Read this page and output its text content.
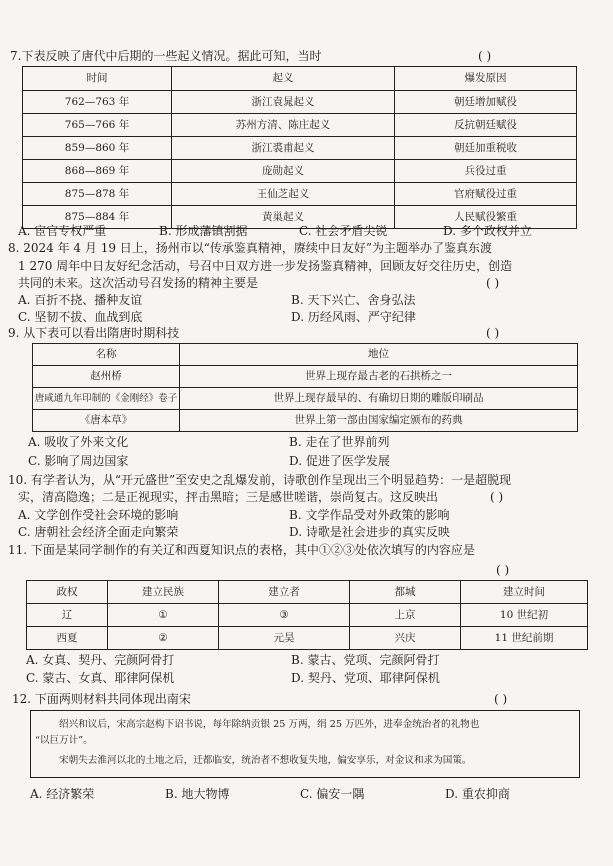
7.下表反映了唐代中后期的一些起义情况。据此可知，当时	( )
时间	起义	爆发原因
762—763 年	浙江袁晁起义	朝廷增加赋役
765—766 年	苏州方清、陈庄起义	反抗朝廷赋役
859—860 年	浙江裘甫起义	朝廷加重税收
868—869 年	庞勋起义	兵役过重
875—878 年	王仙芝起义	官府赋役过重
875—884 年	黄巢起义	人民赋役繁重
A. 宦官专权严重	B. 形成藩镇割据	C. 社会矛盾尖锐	D. 多个政权并立
8. 2024 年 4 月 19 日上，扬州市以“传承鉴真精神，赓续中日友好”为主题举办了鉴真东渡
1 270 周年中日友好纪念活动，号召中日双方进一步发扬鉴真精神，回顾友好交往历史，创造
共同的未来。这次活动号召发扬的精神主要是	( )
A. 百折不挠、播种友谊	B. 天下兴亡、舍身弘法
C. 坚韧不拔、血战到底	D. 历经风雨、严守纪律
9. 从下表可以看出隋唐时期科技	( )
名称	地位
赵州桥	世界上现存最古老的石拱桥之一
唐咸通九年印制的《金刚经》卷子	世界上现存最早的、有确切日期的雕版印刷品
《唐本草》	世界上第一部由国家编定颁布的药典
A. 吸收了外来文化	B. 走在了世界前列
C. 影响了周边国家	D. 促进了医学发展
10. 有学者认为，从“开元盛世”至安史之乱爆发前，诗歌创作呈现出三个明显趋势：一是超脱现
实，清高隐逸；二是正视现实，抨击黑暗；三是感世嗟谐，崇尚复古。这反映出	( )
A. 文学创作受社会环境的影响	B. 文学作品受对外政策的影响
C. 唐朝社会经济全面走向繁荣	D. 诗歌是社会进步的真实反映
11. 下面是某同学制作的有关辽和西夏知识点的表格，其中①②③处依次填写的内容应是
( )
政权	建立民族	建立者	都城	建立时间
辽	①	③	上京	10 世纪初
西夏	②	元昊	兴庆	11 世纪前期
A. 女真、契丹、完颜阿骨打	B. 蒙古、党项、完颜阿骨打
C. 蒙古、女真、耶律阿保机	D. 契丹、党项、耶律阿保机
12. 下面两则材料共同体现出南宋	( )
绍兴和议后，宋高宗赵构下诏书说，每年除纳贡银 25 万两，绢 25 万匹外，进奉金统治者的礼物也
“以巨万计”。
宋朝失去淮河以北的土地之后，迁都临安，统治者不想收复失地，偏安享乐，对金议和求为国策。
A. 经济繁荣	B. 地大物博	C. 偏安一隅	D. 重农抑商
